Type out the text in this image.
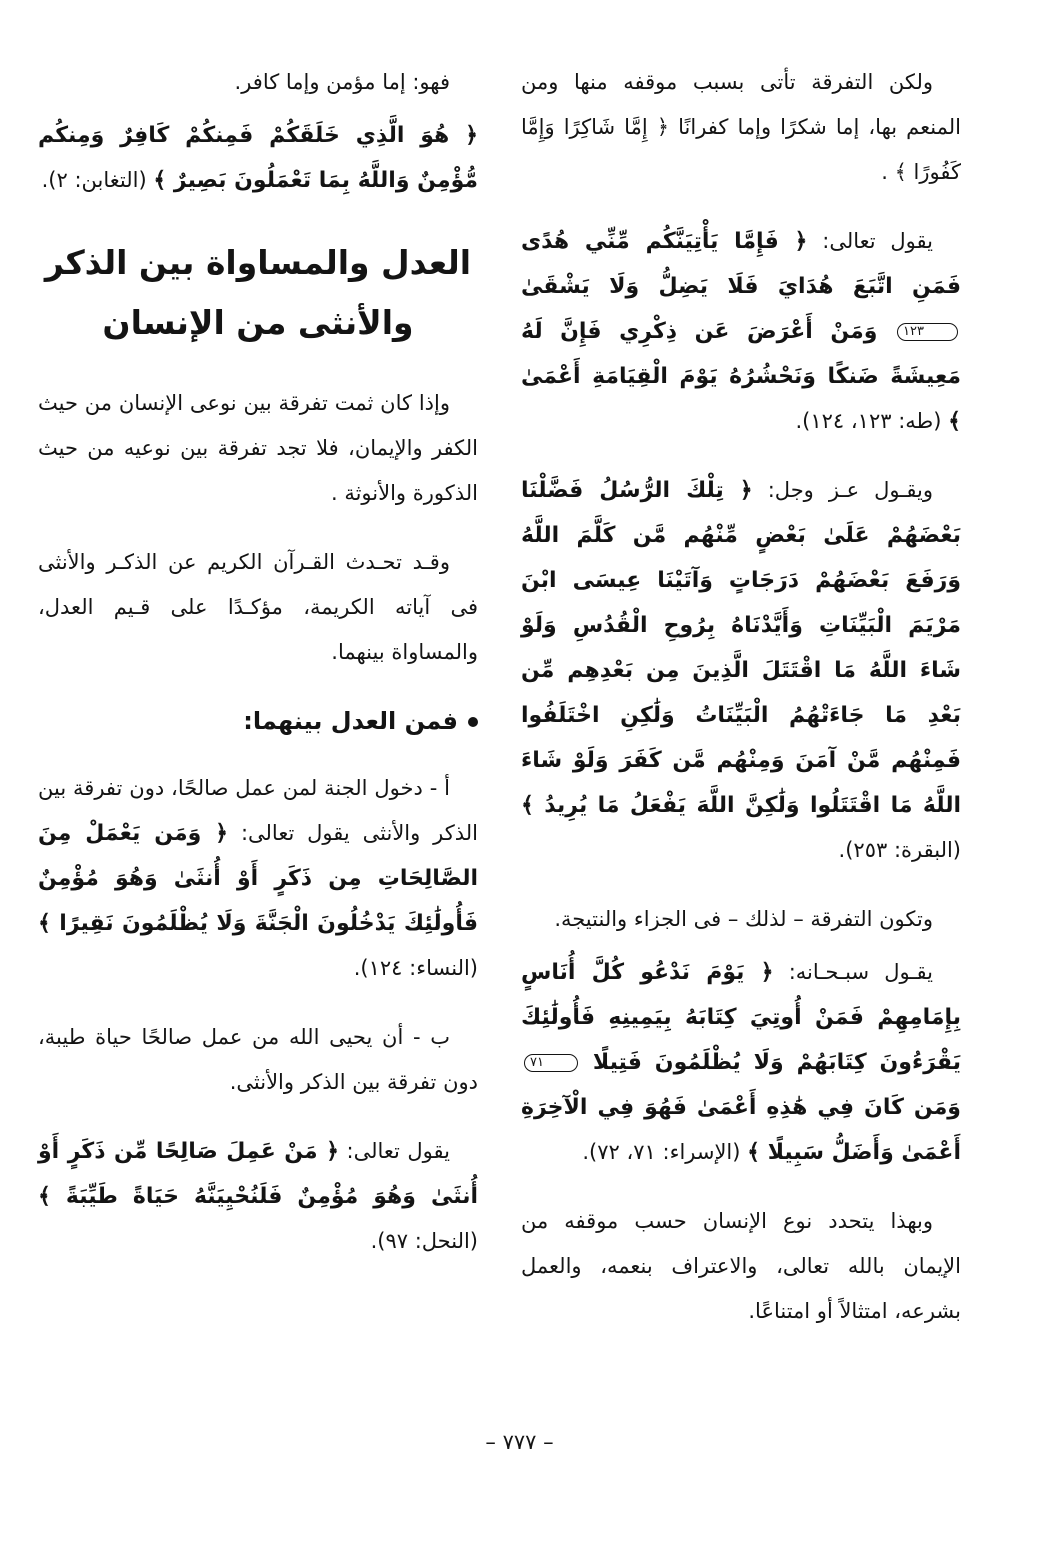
ولكن التفرقة تأتى بسبب موقفه منها ومن المنعم بها، إما شكرًا وإما كفرانًا ﴿ إِمَّا شَاكِرًا وَإِمَّا كَفُورًا ﴾ .

يقول تعالى: ﴿ فَإِمَّا يَأْتِيَنَّكُم مِّنِّي هُدًى فَمَنِ اتَّبَعَ هُدَايَ فَلَا يَضِلُّ وَلَا يَشْقَىٰ ١٢٣ وَمَنْ أَعْرَضَ عَن ذِكْرِي فَإِنَّ لَهُ مَعِيشَةً ضَنكًا وَنَحْشُرُهُ يَوْمَ الْقِيَامَةِ أَعْمَىٰ ﴾ (طه: ١٢٣، ١٢٤).

ويقـول عـز وجل: ﴿ تِلْكَ الرُّسُلُ فَضَّلْنَا بَعْضَهُمْ عَلَىٰ بَعْضٍ مِّنْهُم مَّن كَلَّمَ اللَّهُ وَرَفَعَ بَعْضَهُمْ دَرَجَاتٍ وَآتَيْنَا عِيسَى ابْنَ مَرْيَمَ الْبَيِّنَاتِ وَأَيَّدْنَاهُ بِرُوحِ الْقُدُسِ وَلَوْ شَاءَ اللَّهُ مَا اقْتَتَلَ الَّذِينَ مِن بَعْدِهِم مِّن بَعْدِ مَا جَاءَتْهُمُ الْبَيِّنَاتُ وَلَٰكِنِ اخْتَلَفُوا فَمِنْهُم مَّنْ آمَنَ وَمِنْهُم مَّن كَفَرَ وَلَوْ شَاءَ اللَّهُ مَا اقْتَتَلُوا وَلَٰكِنَّ اللَّهَ يَفْعَلُ مَا يُرِيدُ ﴾ (البقرة: ٢٥٣).

وتكون التفرقة – لذلك – فى الجزاء والنتيجة.

يقـول سبـحـانه: ﴿ يَوْمَ نَدْعُو كُلَّ أُنَاسٍ بِإِمَامِهِمْ فَمَنْ أُوتِيَ كِتَابَهُ بِيَمِينِهِ فَأُولَٰئِكَ يَقْرَءُونَ كِتَابَهُمْ وَلَا يُظْلَمُونَ فَتِيلًا ٧١ وَمَن كَانَ فِي هَٰذِهِ أَعْمَىٰ فَهُوَ فِي الْآخِرَةِ أَعْمَىٰ وَأَضَلُّ سَبِيلًا ﴾ (الإسراء: ٧١، ٧٢).

وبهذا يتحدد نوع الإنسان حسب موقفه من الإيمان بالله تعالى، والاعتراف بنعمه، والعمل بشرعه، امتثالاً أو امتناعًا.

فهو: إما مؤمن وإما كافر.

﴿ هُوَ الَّذِي خَلَقَكُمْ فَمِنكُمْ كَافِرٌ وَمِنكُم مُّؤْمِنٌ وَاللَّهُ بِمَا تَعْمَلُونَ بَصِيرٌ ﴾ (التغابن: ٢).

العدل والمساواة بين الذكر والأنثى من الإنسان

وإذا كان ثمت تفرقة بين نوعى الإنسان من حيث الكفر والإيمان، فلا تجد تفرقة بين نوعيه من حيث الذكورة والأنوثة .

وقـد تحـدث القـرآن الكريم عن الذكـر والأنثى فى آياته الكريمة، مؤكـدًا على قـيم العدل، والمساواة بينهما.

فمن العدل بينهما:

أ - دخول الجنة لمن عمل صالحًا، دون تفرقة بين الذكر والأنثى يقول تعالى: ﴿ وَمَن يَعْمَلْ مِنَ الصَّالِحَاتِ مِن ذَكَرٍ أَوْ أُنثَىٰ وَهُوَ مُؤْمِنٌ فَأُولَٰئِكَ يَدْخُلُونَ الْجَنَّةَ وَلَا يُظْلَمُونَ نَقِيرًا ﴾ (النساء: ١٢٤).

ب - أن يحيى الله من عمل صالحًا حياة طيبة، دون تفرقة بين الذكر والأنثى.

يقول تعالى: ﴿ مَنْ عَمِلَ صَالِحًا مِّن ذَكَرٍ أَوْ أُنثَىٰ وَهُوَ مُؤْمِنٌ فَلَنُحْيِيَنَّهُ حَيَاةً طَيِّبَةً ﴾ (النحل: ٩٧).

– ٧٧٧ –
